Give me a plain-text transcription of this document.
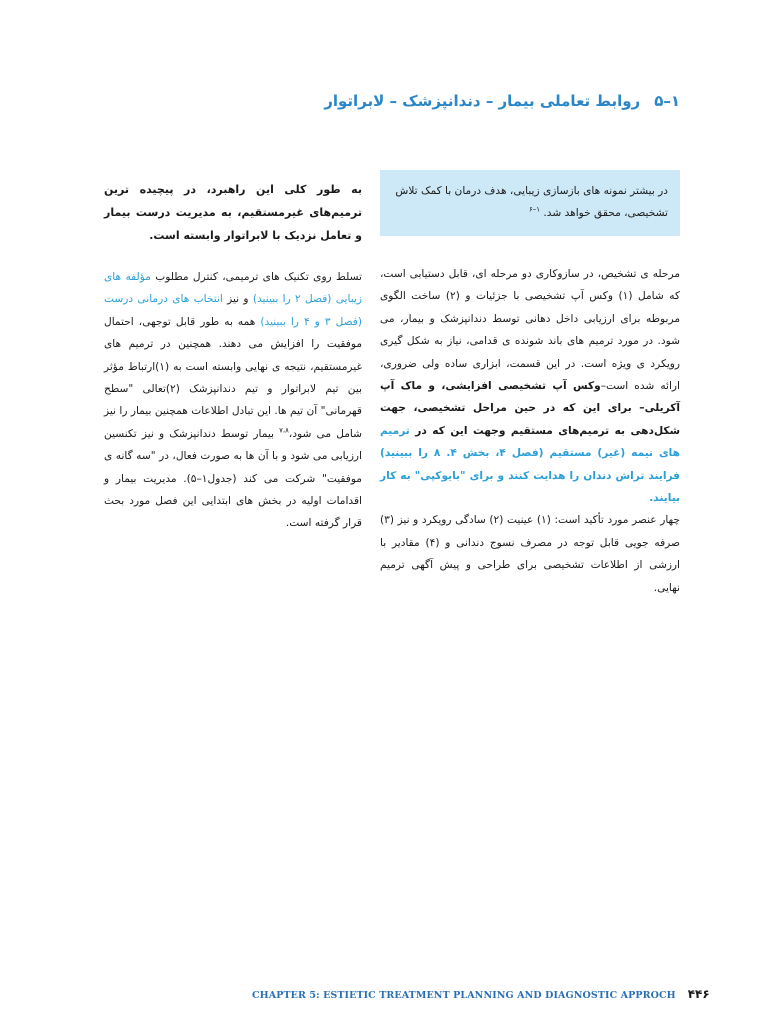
۱–۵روابط تعاملی بیمار – دندانپزشک – لابراتوار
در بیشتر نمونه های بازسازی زیبایی، هدف درمان با کمک تلاش تشخیصی، محقق خواهد شد. $^{۱-۶}$
به طور کلی این راهبرد، در پیچیده ترین ترمیم‌های غیرمستقیم، به مدیریت درست بیمار و تعامل نزدیک با لابراتوار وابسته است.

مرحله ی تشخیص، در سازوکاری دو مرحله ای، قابل دستیابی است، که شامل (۱) وکس آپ تشخیصی با جزئیات و (۲) ساخت الگوی مربوطه برای ارزیابی داخل دهانی توسط دندانپزشک و بیمار، می شود. در مورد ترمیم های باند شونده ی قدامی، نیاز به شکل گیری رویکرد ی ویژه است. در این قسمت، ابزاری ساده ولی ضروری، ارائه شده است–وکس آپ تشخیصی افزایشی، و ماک آپ آکریلی– برای این که در حین مراحل تشخیصی، جهت شکل‌دهی به ترمیم‌های مستقیم وجهت این که در ترمیم های نیمه (غیر) مستقیم (فصل ۴، بخش ۴. ۸ را ببینید) فرایند تراش دندان را هدایت کنند و برای "بایوکپی" به کار بیایند.

چهار عنصر مورد تأکید است: (۱) عینیت (۲) سادگی رویکرد و نیز (۳) صرفه جویی قابل توجه در مصرف نسوج دندانی و (۴) مقادیر با ارزشی از اطلاعات تشخیصی برای طراحی و پیش آگهی ترمیم نهایی.

تسلط روی تکنیک های ترمیمی، کنترل مطلوب مؤلفه های زیبایی (فصل ۲ را ببینید) و نیز انتخاب های درمانی درست (فصل ۳ و ۴ را ببینید) همه به طور قابل توجهی، احتمال موفقیت را افزایش می دهند. همچنین در ترمیم های غیرمستقیم، نتیجه ی نهایی وابسته است به (۱)ارتباط مؤثر بین تیم لابراتوار و تیم دندانپزشک (۲)تعالی "سطح قهرمانی" آن تیم ها. این تبادل اطلاعات همچنین بیمار را نیز شامل می شود،$^{۷،۸}$ بیمار توسط دندانپزشک و نیز تکنسین ارزیابی می شود و با آن ها به صورت فعال، در "سه گانه ی موفقیت" شرکت می کند (جدول۱–۵). مدیریت بیمار و اقدامات اولیه در بخش های ابتدایی این فصل مورد بحث قرار گرفته است.

CHAPTER 5: ESTIETIC TREATMENT PLANNING AND DIAGNOSTIC APPROCH ۴۴۶
